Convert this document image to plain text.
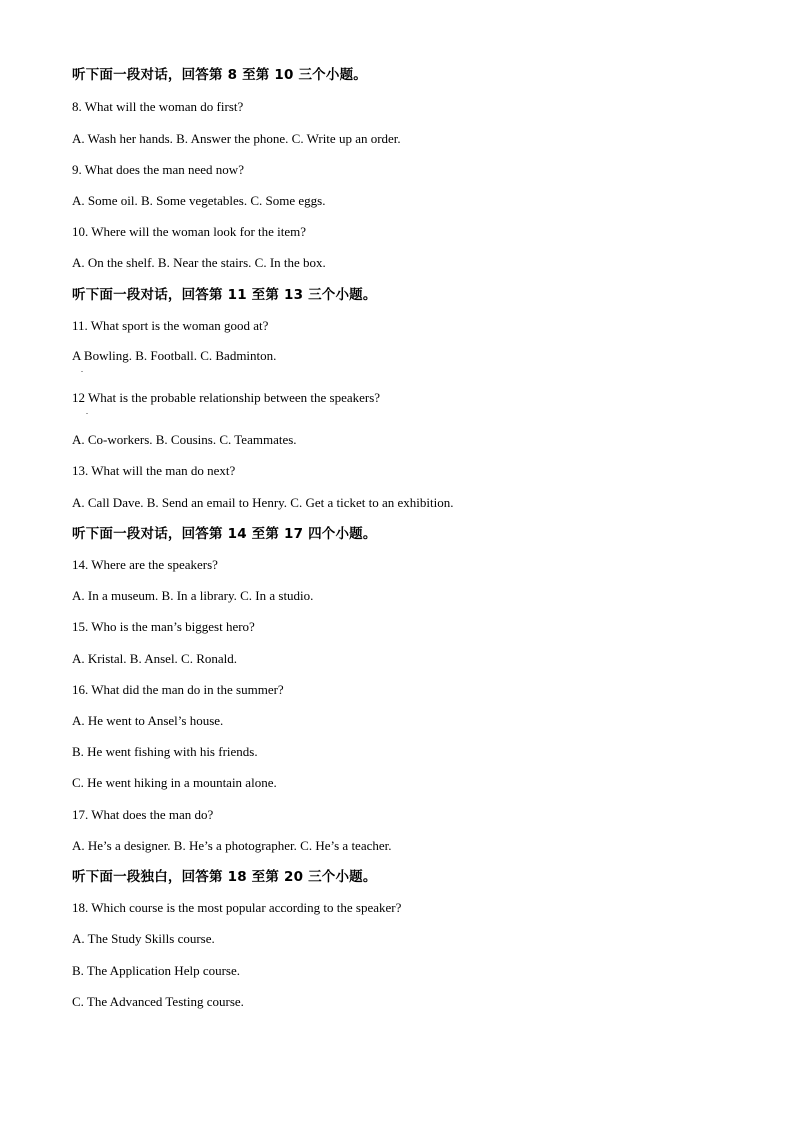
听下面一段对话，回答第 8 至第 10 三个小题。
8. What will the woman do first?
A. Wash her hands. B. Answer the phone. C. Write up an order.
9. What does the man need now?
A. Some oil. B. Some vegetables. C. Some eggs.
10. Where will the woman look for the item?
A. On the shelf. B. Near the stairs. C. In the box.
听下面一段对话，回答第 11 至第 13 三个小题。
11. What sport is the woman good at?
A Bowling. B. Football. C. Badminton.
.
12 What is the probable relationship between the speakers?
.
A. Co-workers. B. Cousins. C. Teammates.
13. What will the man do next?
A. Call Dave. B. Send an email to Henry. C. Get a ticket to an exhibition.
听下面一段对话，回答第 14 至第 17 四个小题。
14. Where are the speakers?
A. In a museum. B. In a library. C. In a studio.
15. Who is the man’s biggest hero?
A. Kristal. B. Ansel. C. Ronald.
16. What did the man do in the summer?
A. He went to Ansel’s house.
B. He went fishing with his friends.
C. He went hiking in a mountain alone.
17. What does the man do?
A. He’s a designer. B. He’s a photographer. C. He’s a teacher.
听下面一段独白，回答第 18 至第 20 三个小题。
18. Which course is the most popular according to the speaker?
A. The Study Skills course.
B. The Application Help course.
C. The Advanced Testing course.
